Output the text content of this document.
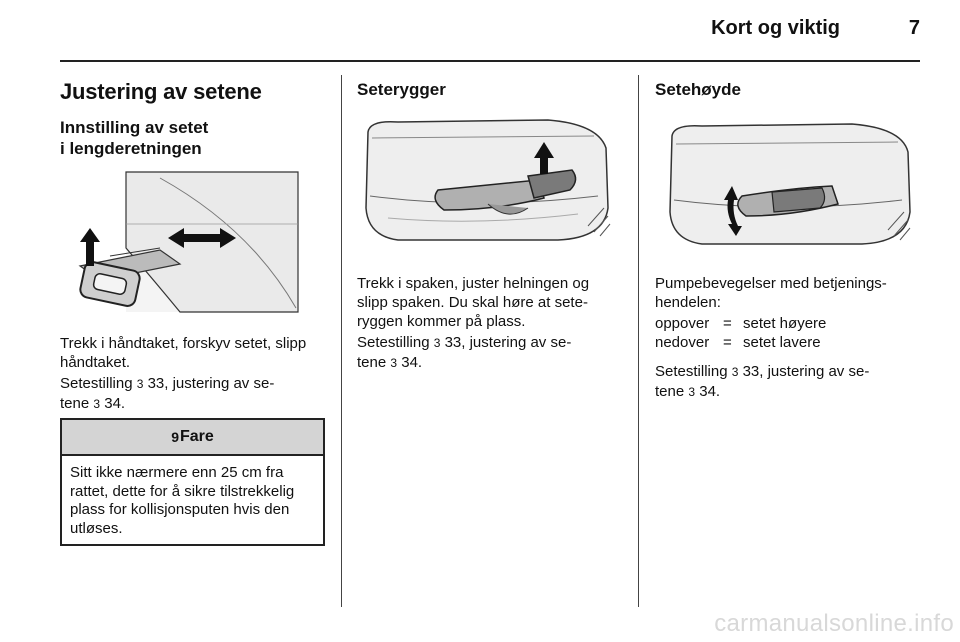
Kort og viktig	7
Justering av setene
Innstilling av setet
i lengderetningen
Trekk i håndtaket, forskyv setet, slipp
håndtaket.
Setestilling 3 33, justering av se-
tene 3 34.
9 Fare
Sitt ikke nærmere enn 25 cm fra
rattet, dette for å sikre tilstrekkelig
plass for kollisjonsputen hvis den
utløses.
Seterygger
Trekk i spaken, juster helningen og
slipp spaken. Du skal høre at sete-
ryggen kommer på plass.
Setestilling 3 33, justering av se-
tene 3 34.
Setehøyde
Pumpebevegelser med betjenings-
hendelen:
oppover	=	setet høyere
nedover	=	setet lavere
Setestilling 3 33, justering av se-
tene 3 34.
carmanualsonline.info
